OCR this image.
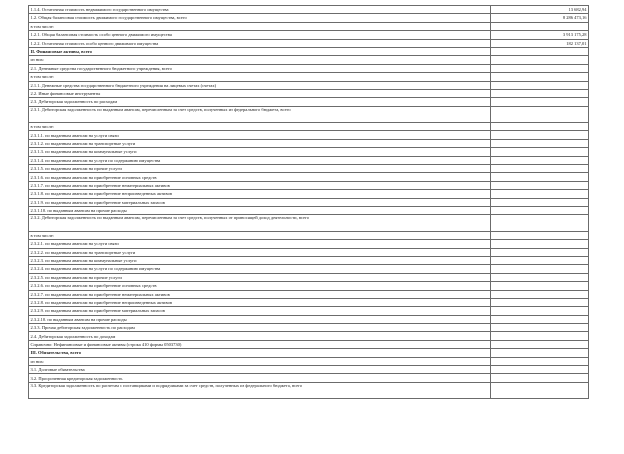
1.1.4. Остаточная стоимость недвижимого государственного имущества	13 682,94
1.2. Общая балансовая стоимость движимого государственного имущества, всего	8 286 473,16
в том числе:	
1.2.1. Общая балансовая стоимость особо ценного движимого имущества	3 913 175,28
1.2.2. Остаточная стоимость особо ценного движимого имущества	182 137,01
II. Финансовые активы, всего	
из них:	
2.1. Денежные средства государственного бюджетного учреждения, всего	
в том числе:	
2.1.1. Денежные средства государственного бюджетного учреждения на лицевых счетах (счетах)	
2.2. Иные финансовые инструменты	
2.3. Дебиторская задолженность по расходам	
2.3.1. Дебиторская задолженность по выданным авансам, перечисленным за счет средств, полученных из федерального бюджета, всего	
в том числе:	
2.3.1.1. по выданным авансам на услуги связи	
2.3.1.2. по выданным авансам на транспортные услуги	
2.3.1.3. по выданным авансам на коммунальные услуги	
2.3.1.4. по выданным авансам на услуги по содержанию имущества	
2.3.1.5. по выданным авансам на прочие услуги	
2.3.1.6. по выданным авансам на приобретение основных средств	
2.3.1.7. по выданным авансам на приобретение нематериальных активов	
2.3.1.8. по выданным авансам на приобретение непроизведенных активов	
2.3.1.9. по выданным авансам на приобретение материальных запасов	
2.3.1.10. по выданным авансам на прочие расходы	
2.3.2. Дебиторская задолженность по выданным авансам, перечисленным за счет средств, полученных от приносящей доход деятельности, всего	
в том числе:	
2.3.2.1. по выданным авансам на услуги связи	
2.3.2.2. по выданным авансам на транспортные услуги	
2.3.2.3. по выданным авансам на коммунальные услуги	
2.3.2.4. по выданным авансам на услуги по содержанию имущества	
2.3.2.5. по выданным авансам на прочие услуги	
2.3.2.6. по выданным авансам на приобретение основных средств	
2.3.2.7. по выданным авансам на приобретение нематериальных активов	
2.3.2.8. по выданным авансам на приобретение непроизведенных активов	
2.3.2.9. по выданным авансам на приобретение материальных запасов	
2.3.2.10. по выданным авансам на прочие расходы	
2.3.3. Прочая дебиторская задолженность по расходам	
2.4. Дебиторская задолженность по доходам	
Справочно: Нефинансовые и финансовые активы (строка 410 формы 0503730)	
III. Обязательства, всего	
из них:	
3.1. Долговые обязательства	
3.2. Просроченная кредиторская задолженность	
3.3. Кредиторская задолженность по расчетам с поставщиками и подрядчиками за счет средств, полученных из федерального бюджета, всего	
